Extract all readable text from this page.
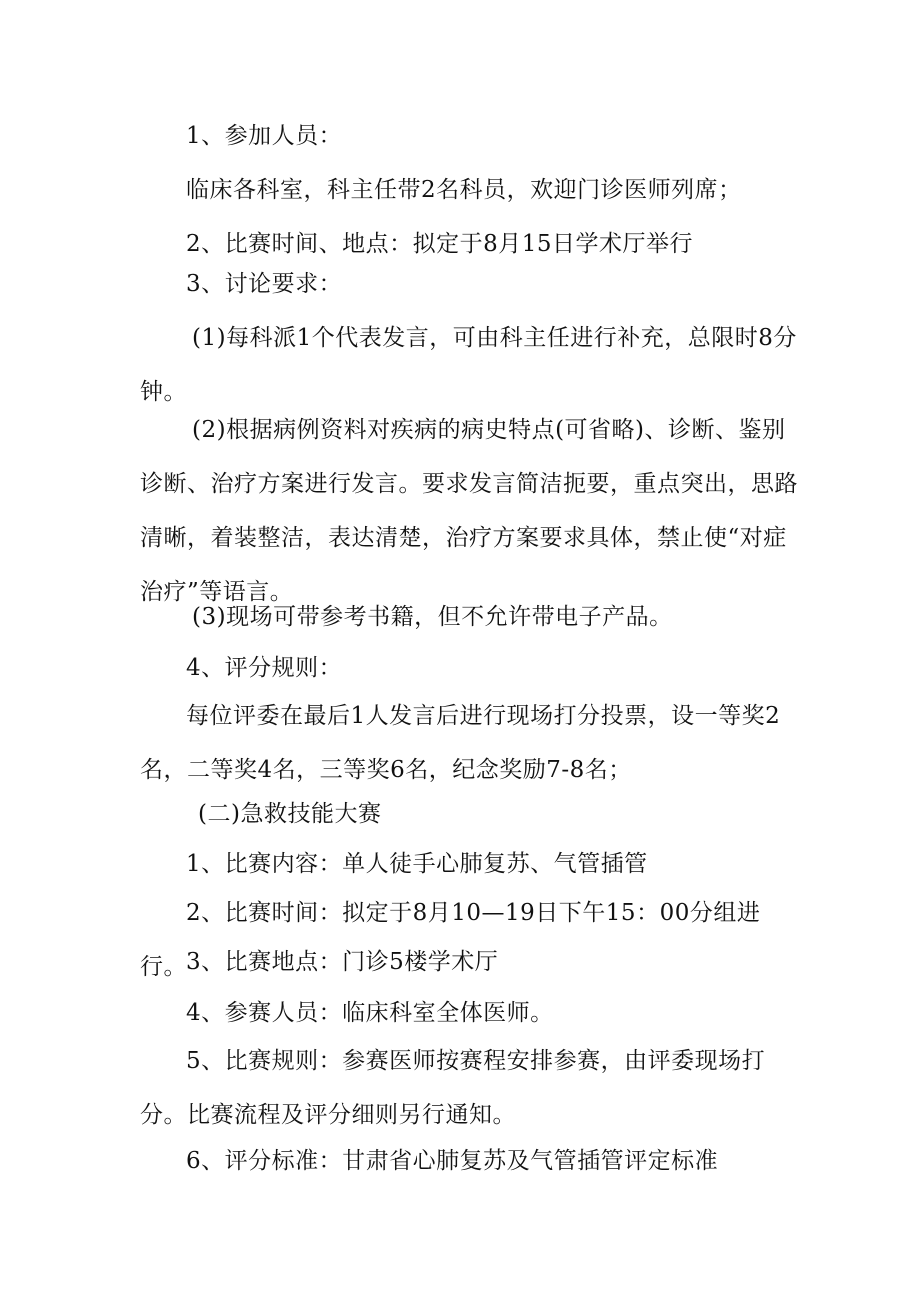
1、参加人员：

临床各科室，科主任带2名科员，欢迎门诊医师列席；

2、比赛时间、地点：拟定于8月15日学术厅举行

3、讨论要求：

(1)每科派1个代表发言，可由科主任进行补充，总限时8分钟。

(2)根据病例资料对疾病的病史特点(可省略)、诊断、鉴别诊断、治疗方案进行发言。要求发言简洁扼要，重点突出，思路清晰，着装整洁，表达清楚，治疗方案要求具体，禁止使“对症治疗”等语言。

(3)现场可带参考书籍，但不允许带电子产品。

4、评分规则：

每位评委在最后1人发言后进行现场打分投票，设一等奖2名，二等奖4名，三等奖6名，纪念奖励7-8名；

(二)急救技能大赛

1、比赛内容：单人徒手心肺复苏、气管插管

2、比赛时间：拟定于8月10—19日下午15：00分组进行。 3、比赛地点：门诊5楼学术厅

4、参赛人员：临床科室全体医师。

5、比赛规则：参赛医师按赛程安排参赛，由评委现场打分。比赛流程及评分细则另行通知。

6、评分标准：甘肃省心肺复苏及气管插管评定标准
